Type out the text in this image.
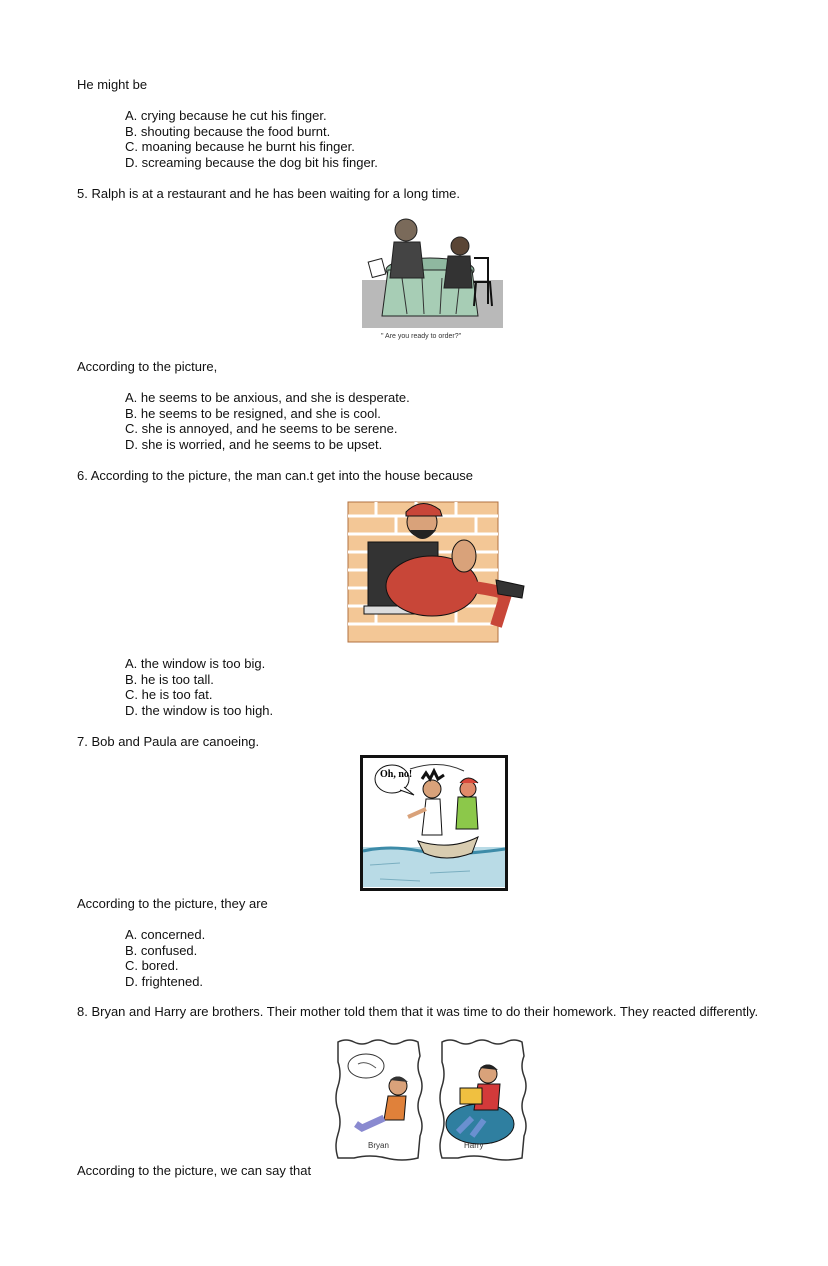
He might be
A. crying because he cut his finger.
B. shouting because the food burnt.
C. moaning because he burnt his finger.
D. screaming because the dog bit his finger.
5. Ralph is at a restaurant and he has been waiting for a long time.
" Are you ready to order?"
According to the picture,
A. he seems to be anxious, and she is desperate.
B. he seems to be resigned, and she is cool.
C. she is annoyed, and he seems to be serene.
D. she is worried, and he seems to be upset.
6. According to the picture, the man can.t get into the house because
A. the window is too big.
B. he is too tall.
C. he is too fat.
D. the window is too high.
7. Bob and Paula are canoeing.
Oh, no!
According to the picture, they are
A. concerned.
B. confused.
C. bored.
D. frightened.
8. Bryan and Harry are brothers. Their mother told them that it was time to do their homework. They reacted differently.
Bryan	Harry
According to the picture, we can say that
